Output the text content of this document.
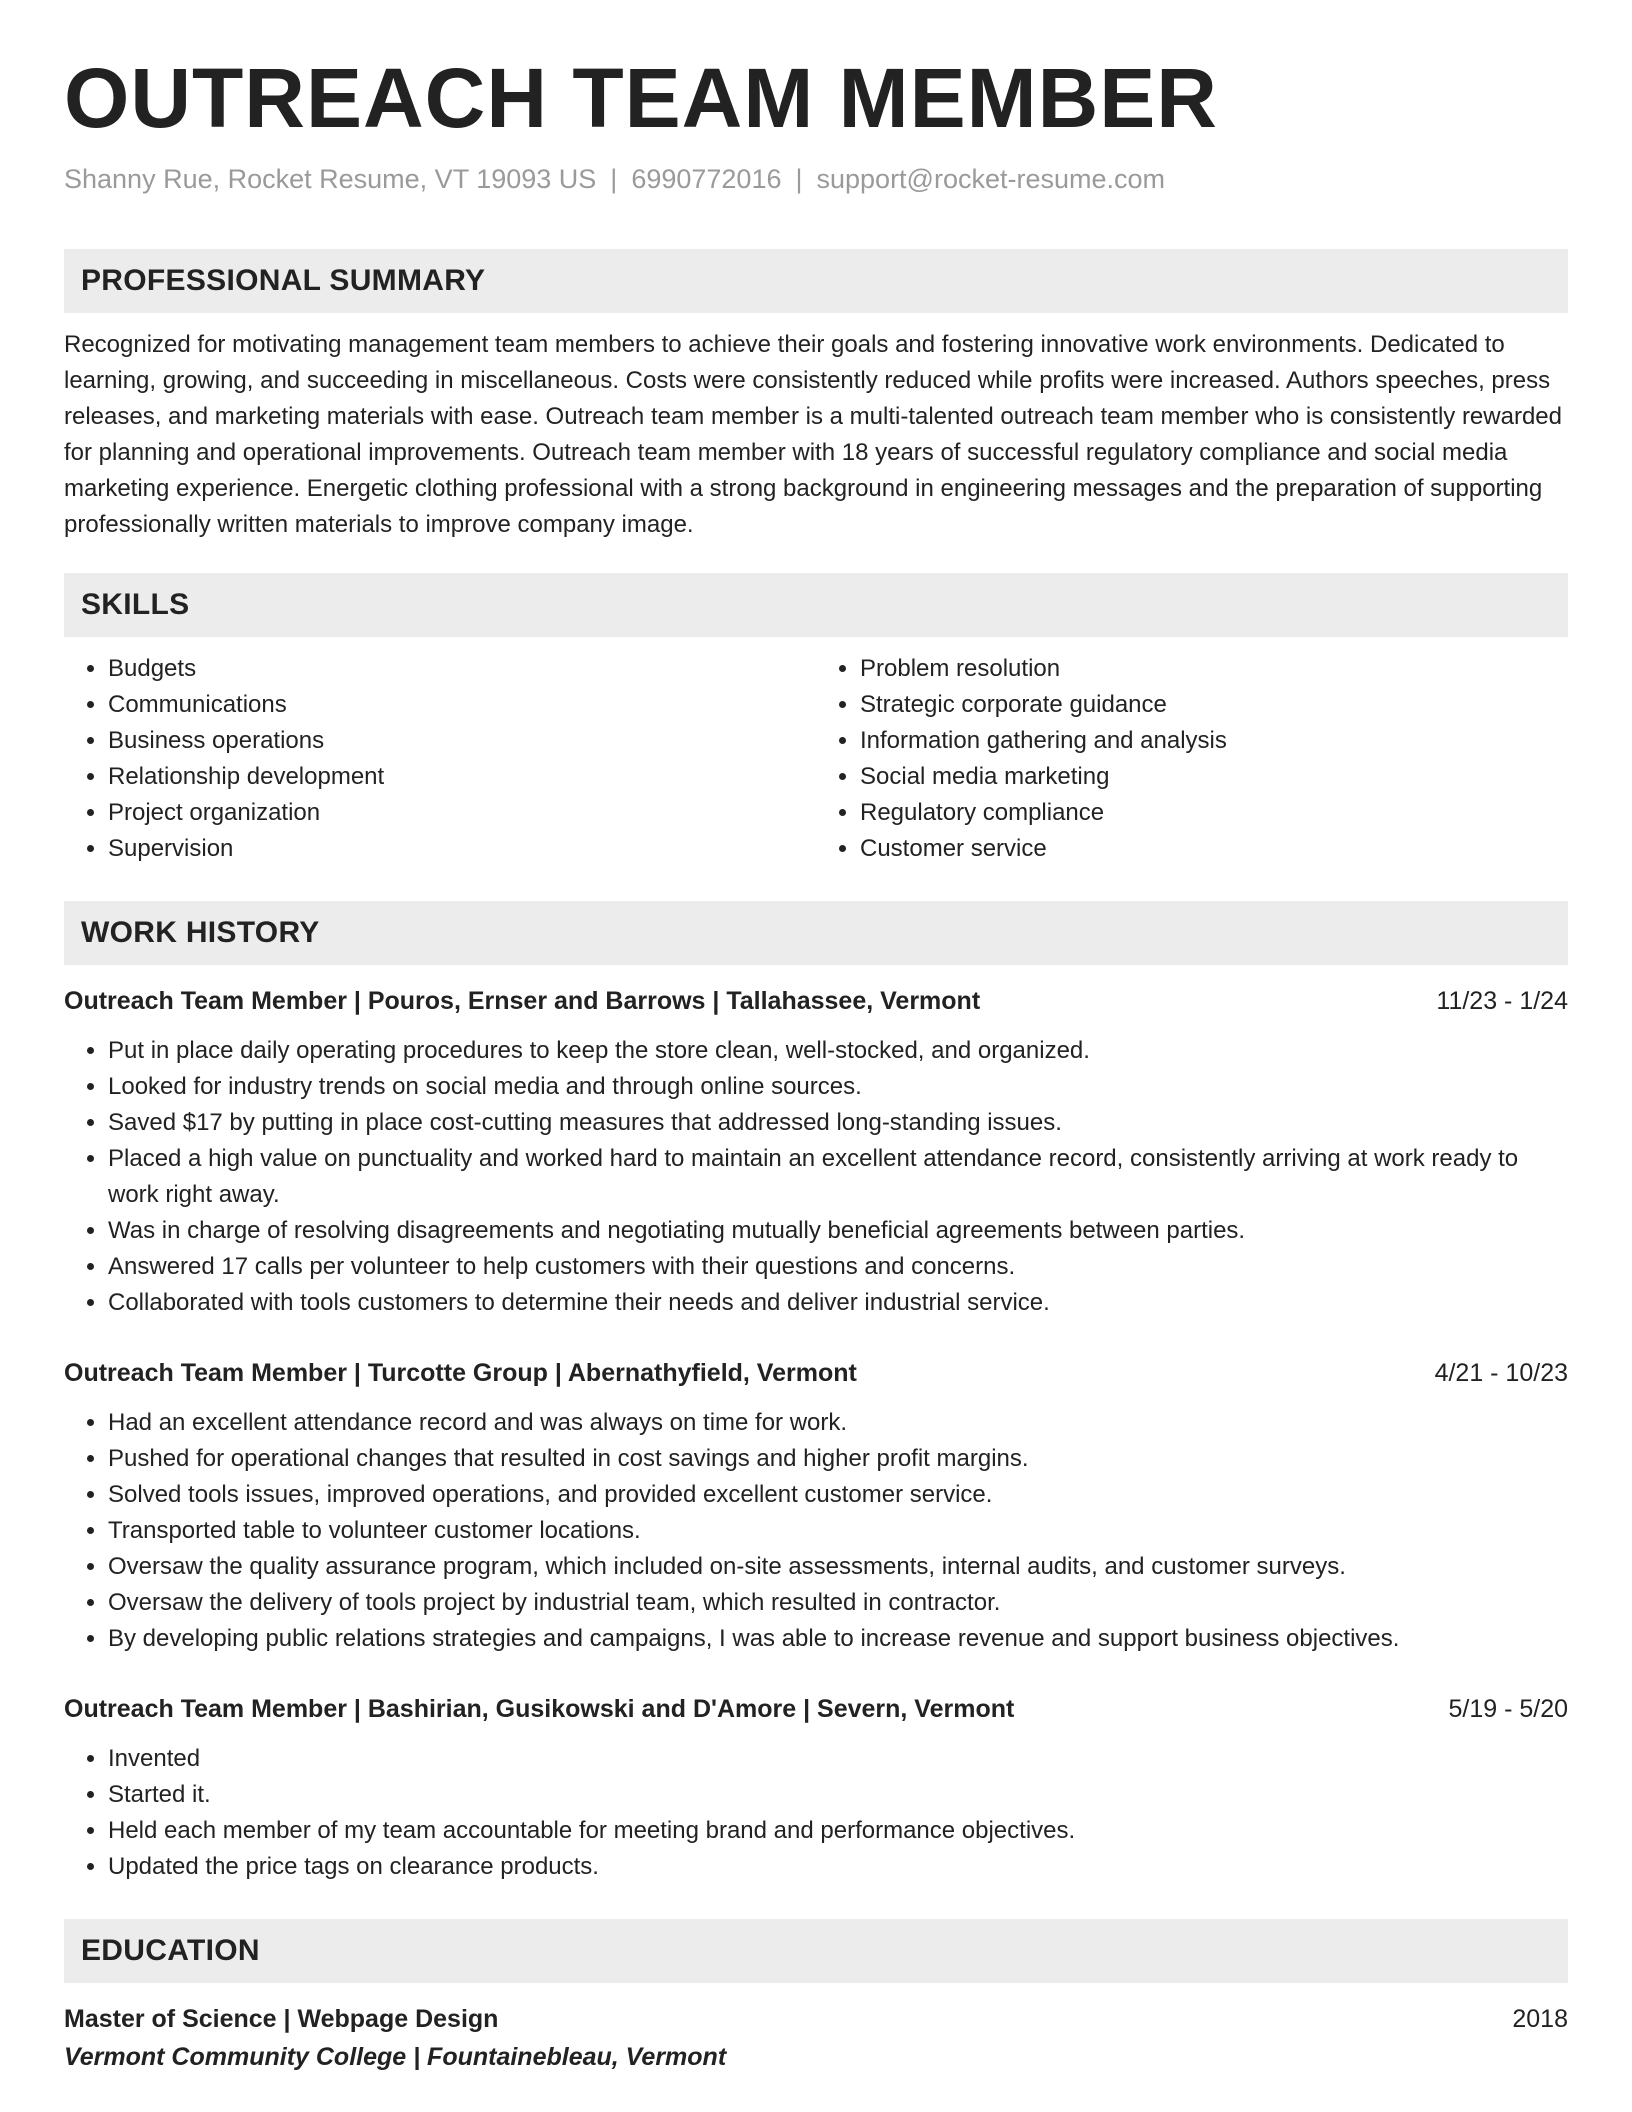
OUTREACH TEAM MEMBER
Shanny Rue, Rocket Resume, VT 19093 US | 6990772016 | support@rocket-resume.com
PROFESSIONAL SUMMARY

Recognized for motivating management team members to achieve their goals and fostering innovative work environments. Dedicated to learning, growing, and succeeding in miscellaneous. Costs were consistently reduced while profits were increased. Authors speeches, press releases, and marketing materials with ease. Outreach team member is a multi-talented outreach team member who is consistently rewarded for planning and operational improvements. Outreach team member with 18 years of successful regulatory compliance and social media marketing experience. Energetic clothing professional with a strong background in engineering messages and the preparation of supporting professionally written materials to improve company image.

SKILLS
• Budgets
• Communications
• Business operations
• Relationship development
• Project organization
• Supervision
• Problem resolution
• Strategic corporate guidance
• Information gathering and analysis
• Social media marketing
• Regulatory compliance
• Customer service
WORK HISTORY
Outreach Team Member | Pouros, Ernser and Barrows | Tallahassee, Vermont	11/23 - 1/24
• Put in place daily operating procedures to keep the store clean, well-stocked, and organized.
• Looked for industry trends on social media and through online sources.
• Saved $17 by putting in place cost-cutting measures that addressed long-standing issues.
• Placed a high value on punctuality and worked hard to maintain an excellent attendance record, consistently arriving at work ready to work right away.
• Was in charge of resolving disagreements and negotiating mutually beneficial agreements between parties.
• Answered 17 calls per volunteer to help customers with their questions and concerns.
• Collaborated with tools customers to determine their needs and deliver industrial service.
Outreach Team Member | Turcotte Group | Abernathyfield, Vermont	4/21 - 10/23
• Had an excellent attendance record and was always on time for work.
• Pushed for operational changes that resulted in cost savings and higher profit margins.
• Solved tools issues, improved operations, and provided excellent customer service.
• Transported table to volunteer customer locations.
• Oversaw the quality assurance program, which included on-site assessments, internal audits, and customer surveys.
• Oversaw the delivery of tools project by industrial team, which resulted in contractor.
• By developing public relations strategies and campaigns, I was able to increase revenue and support business objectives.
Outreach Team Member | Bashirian, Gusikowski and D'Amore | Severn, Vermont	5/19 - 5/20
• Invented
• Started it.
• Held each member of my team accountable for meeting brand and performance objectives.
• Updated the price tags on clearance products.
EDUCATION
Master of Science | Webpage Design	2018
Vermont Community College | Fountainebleau, Vermont
